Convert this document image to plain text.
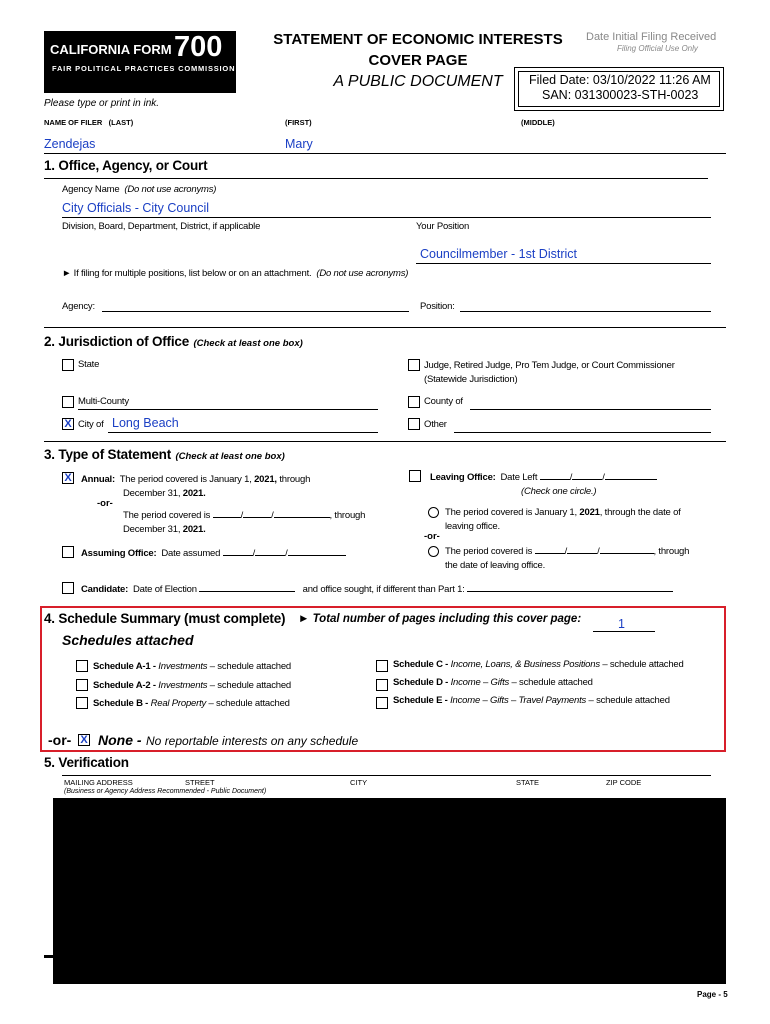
CALIFORNIA FORM 700
FAIR POLITICAL PRACTICES COMMISSION
STATEMENT OF ECONOMIC INTERESTS
COVER PAGE
A PUBLIC DOCUMENT
Date Initial Filing Received
Filing Official Use Only
Filed Date: 03/10/2022 11:26 AM
SAN: 031300023-STH-0023
Please type or print in ink.
NAME OF FILER (LAST)	(FIRST)	(MIDDLE)
Zendejas	Mary
1. Office, Agency, or Court
Agency Name (Do not use acronyms)
City Officials - City Council
Division, Board, Department, District, if applicable	Your Position
Councilmember - 1st District
► If filing for multiple positions, list below or on an attachment. (Do not use acronyms)
Agency:	Position:
2. Jurisdiction of Office (Check at least one box)
State	Judge, Retired Judge, Pro Tem Judge, or Court Commissioner
(Statewide Jurisdiction)
Multi-County	County of
X City of Long Beach	Other
3. Type of Statement (Check at least one box)
X Annual: The period covered is January 1, 2021, through
December 31, 2021.
-or-
The period covered is	/	/	, through
December 31, 2021.
Leaving Office: Date Left	/	/
(Check one circle.)
The period covered is January 1, 2021, through the date of
leaving office.
-or-
The period covered is	/	/	, through
the date of leaving office.
Assuming Office: Date assumed	/	/
Candidate: Date of Election	and office sought, if different than Part 1:
4. Schedule Summary (must complete) ► Total number of pages including this cover page:	1
Schedules attached
Schedule A-1 - Investments – schedule attached
Schedule A-2 - Investments – schedule attached
Schedule B - Real Property – schedule attached
Schedule C - Income, Loans, & Business Positions – schedule attached
Schedule D - Income – Gifts – schedule attached
Schedule E - Income – Gifts – Travel Payments – schedule attached
-or- X None - No reportable interests on any schedule
5. Verification
MAILING ADDRESS	STREET	CITY	STATE	ZIP CODE
(Business or Agency Address Recommended - Public Document)
Page - 5
